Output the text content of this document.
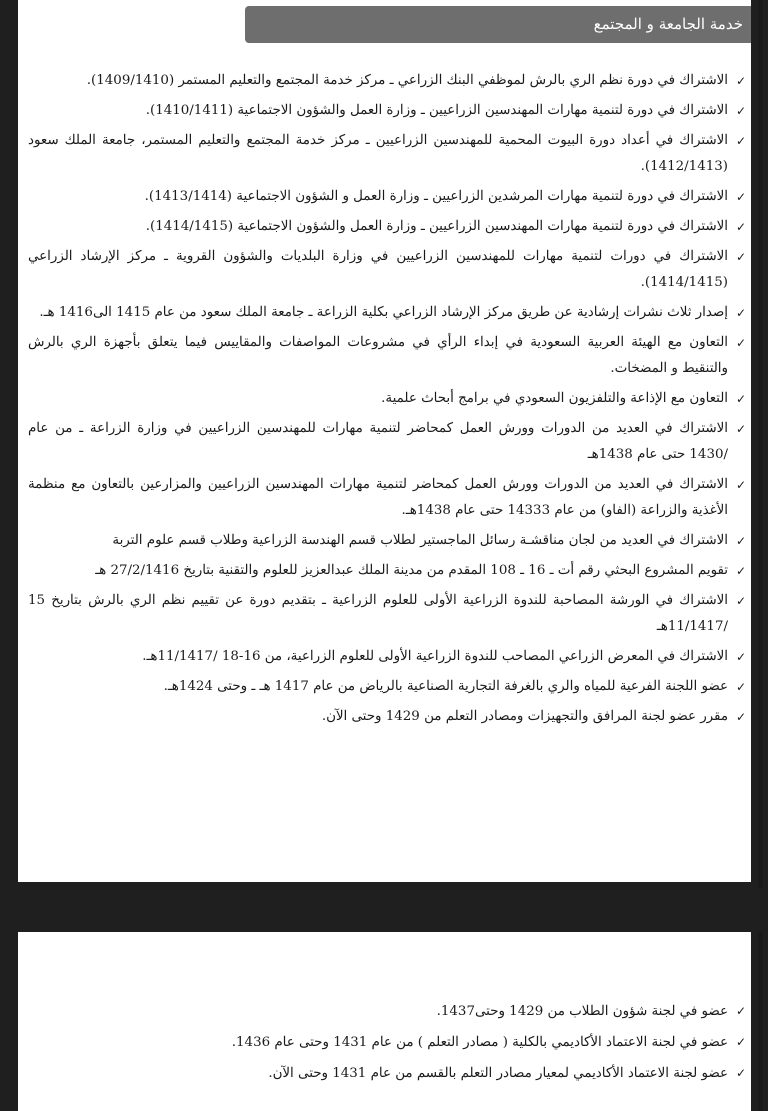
خدمة الجامعة و المجتمع
✓
الاشتراك في دورة نظم الري بالرش لموظفي البنك الزراعي ـ مركز خدمة المجتمع والتعليم المستمر (1409/1410).
✓
الاشتراك في دورة لتنمية مهارات المهندسين الزراعيين ـ وزارة العمل والشؤون الاجتماعية (1410/1411).
✓
الاشتراك في أعداد دورة البيوت المحمية للمهندسين الزراعيين ـ مركز خدمة المجتمع والتعليم المستمر، جامعة الملك سعود (1412/1413).
✓
الاشتراك في دورة لتنمية مهارات المرشدين الزراعيين ـ وزارة العمل و الشؤون الاجتماعية (1413/1414).
✓
الاشتراك في دورة لتنمية مهارات المهندسين الزراعيين ـ وزارة العمل والشؤون الاجتماعية (1414/1415).
✓
الاشتراك في دورات لتنمية مهارات للمهندسين الزراعيين في وزارة البلديات والشؤون القروية ـ مركز الإرشاد الزراعي (1414/1415).
✓
إصدار ثلاث نشرات إرشادية عن طريق مركز الإرشاد الزراعي بكلية الزراعة ـ جامعة الملك سعود من عام 1415 الى1416 هـ.
✓
التعاون مع الهيئة العربية السعودية في إبداء الرأي في مشروعات المواصفات والمقاييس فيما يتعلق بأجهزة الري بالرش والتنقيط و المضخات.
✓
التعاون مع الإذاعة والتلفزيون السعودي في برامج أبحاث علمية.
✓
الاشتراك في العديد من الدورات وورش العمل كمحاضر لتنمية مهارات للمهندسين الزراعيين في وزارة الزراعة ـ من عام /1430 حتى عام 1438هـ
✓
الاشتراك في العديد من الدورات وورش العمل كمحاضر لتنمية مهارات المهندسين الزراعيين والمزارعين بالتعاون مع منظمة الأغذية والزراعة (الفاو) من عام 14333 حتى عام 1438هـ.
✓
الاشتراك في العديد من لجان مناقشـة رسائل الماجستير لطلاب قسم الهندسة الزراعية وطلاب قسم علوم التربة
✓
تقويم المشروع البحثي رقم أت ـ 16 ـ 108 المقدم من مدينة الملك عبدالعزيز للعلوم والتقنية بتاريخ 27/2/1416 هـ
✓
الاشتراك في الورشة المصاحبة للندوة الزراعية الأولى للعلوم الزراعية ـ بتقديم دورة عن تقييم نظم الري بالرش بتاريخ 15 /11/1417هـ
✓
الاشتراك في المعرض الزراعي المصاحب للندوة الزراعية الأولى للعلوم الزراعية، من 16-18 /11/1417هـ.
✓
عضو اللجنة الفرعية للمياه والري بالغرفة التجارية الصناعية بالرياض من عام 1417 هـ ـ وحتى 1424هـ.
✓
مقرر عضو لجنة المرافق والتجهيزات ومصادر التعلم من 1429 وحتى الآن.
✓
عضو في لجنة شؤون الطلاب من 1429 وحتى1437.
✓
عضو في لجنة الاعتماد الأكاديمي بالكلية ( مصادر التعلم ) من عام 1431 وحتى عام 1436.
✓
عضو لجنة الاعتماد الأكاديمي لمعيار مصادر التعلم بالقسم من عام 1431 وحتى الآن.
